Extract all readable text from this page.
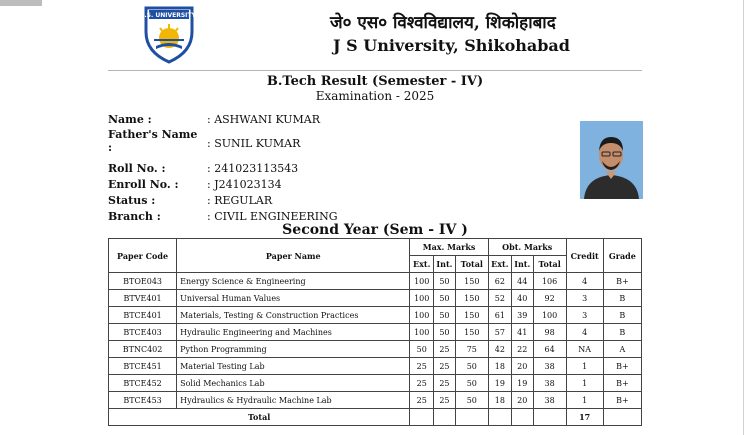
J.S. UNIVERSITY	जे० एस० विश्वविद्यालय, शिकोहाबाद
J S University, Shikohabad
B.Tech Result (Semester - IV)
Examination - 2025
Name :	: ASHWANI KUMAR
Father's Name :	: SUNIL KUMAR
Roll No. :	: 241023113543
Enroll No. :	: J241023134
Status :	: REGULAR
Branch :	: CIVIL ENGINEERING
Second Year (Sem - IV )
Paper Code	Paper Name	Max. Marks			Obt. Marks			Credit	Grade
		Ext.	Int.	Total	Ext.	Int.	Total		
BTOE043	Energy Science & Engineering	100	50	150	62	44	106	4	B+
BTVE401	Universal Human Values	100	50	150	52	40	92	3	B
BTCE401	Materials, Testing & Construction Practices	100	50	150	61	39	100	3	B
BTCE403	Hydraulic Engineering and Machines	100	50	150	57	41	98	4	B
BTNC402	Python Programming	50	25	75	42	22	64	NA	A
BTCE451	Material Testing Lab	25	25	50	18	20	38	1	B+
BTCE452	Solid Mechanics Lab	25	25	50	19	19	38	1	B+
BTCE453	Hydraulics & Hydraulic Machine Lab	25	25	50	18	20	38	1	B+
Total								17	
